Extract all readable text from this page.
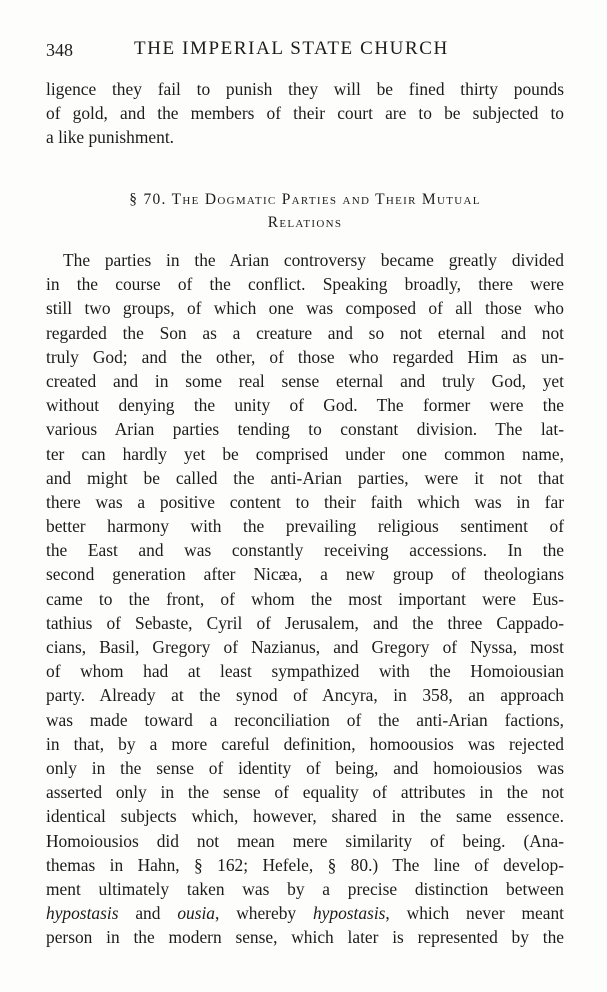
348	THE IMPERIAL STATE CHURCH
ligence they fail to punish they will be fined thirty pounds
of gold, and the members of their court are to be subjected to
a like punishment.
§ 70. The Dogmatic Parties and Their Mutual
Relations
The parties in the Arian controversy became greatly divided
in the course of the conflict. Speaking broadly, there were
still two groups, of which one was composed of all those who
regarded the Son as a creature and so not eternal and not
truly God; and the other, of those who regarded Him as un-
created and in some real sense eternal and truly God, yet
without denying the unity of God. The former were the
various Arian parties tending to constant division. The lat-
ter can hardly yet be comprised under one common name,
and might be called the anti-Arian parties, were it not that
there was a positive content to their faith which was in far
better harmony with the prevailing religious sentiment of
the East and was constantly receiving accessions. In the
second generation after Nicæa, a new group of theologians
came to the front, of whom the most important were Eus-
tathius of Sebaste, Cyril of Jerusalem, and the three Cappado-
cians, Basil, Gregory of Nazianus, and Gregory of Nyssa, most
of whom had at least sympathized with the Homoiousian
party. Already at the synod of Ancyra, in 358, an approach
was made toward a reconciliation of the anti-Arian factions,
in that, by a more careful definition, homoousios was rejected
only in the sense of identity of being, and homoiousios was
asserted only in the sense of equality of attributes in the not
identical subjects which, however, shared in the same essence.
Homoiousios did not mean mere similarity of being. (Ana-
themas in Hahn, § 162; Hefele, § 80.) The line of develop-
ment ultimately taken was by a precise distinction between
hypostasis and ousia, whereby hypostasis, which never meant
person in the modern sense, which later is represented by the
